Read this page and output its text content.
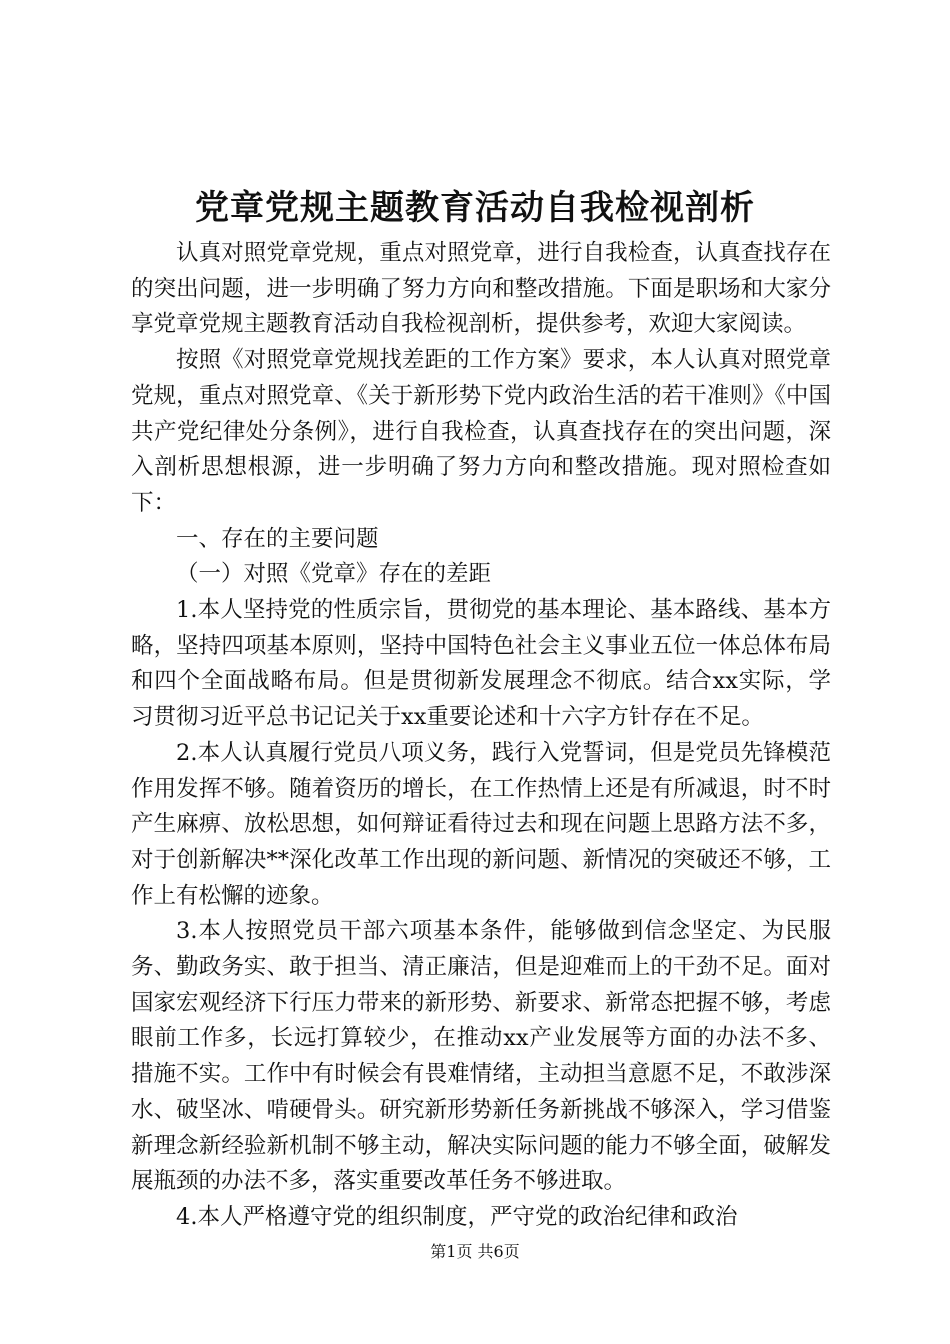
党章党规主题教育活动自我检视剖析

认真对照党章党规，重点对照党章，进行自我检查，认真查找存在的突出问题，进一步明确了努力方向和整改措施。下面是职场和大家分享党章党规主题教育活动自我检视剖析，提供参考，欢迎大家阅读。

按照《对照党章党规找差距的工作方案》要求，本人认真对照党章党规，重点对照党章、《关于新形势下党内政治生活的若干准则》《中国共产党纪律处分条例》，进行自我检查，认真查找存在的突出问题，深入剖析思想根源，进一步明确了努力方向和整改措施。现对照检查如下：

一、存在的主要问题

（一）对照《党章》存在的差距

1.本人坚持党的性质宗旨，贯彻党的基本理论、基本路线、基本方略，坚持四项基本原则，坚持中国特色社会主义事业五位一体总体布局和四个全面战略布局。但是贯彻新发展理念不彻底。结合xx实际，学习贯彻习近平总书记记关于xx重要论述和十六字方针存在不足。

2.本人认真履行党员八项义务，践行入党誓词，但是党员先锋模范作用发挥不够。随着资历的增长，在工作热情上还是有所减退，时不时产生麻痹、放松思想，如何辩证看待过去和现在问题上思路方法不多，对于创新解决**深化改革工作出现的新问题、新情况的突破还不够，工作上有松懈的迹象。

3.本人按照党员干部六项基本条件，能够做到信念坚定、为民服务、勤政务实、敢于担当、清正廉洁，但是迎难而上的干劲不足。面对国家宏观经济下行压力带来的新形势、新要求、新常态把握不够，考虑眼前工作多，长远打算较少，在推动xx产业发展等方面的办法不多、措施不实。工作中有时候会有畏难情绪，主动担当意愿不足，不敢涉深水、破坚冰、啃硬骨头。研究新形势新任务新挑战不够深入，学习借鉴新理念新经验新机制不够主动，解决实际问题的能力不够全面，破解发展瓶颈的办法不多，落实重要改革任务不够进取。

4.本人严格遵守党的组织制度，严守党的政治纪律和政治

第1页 共6页
